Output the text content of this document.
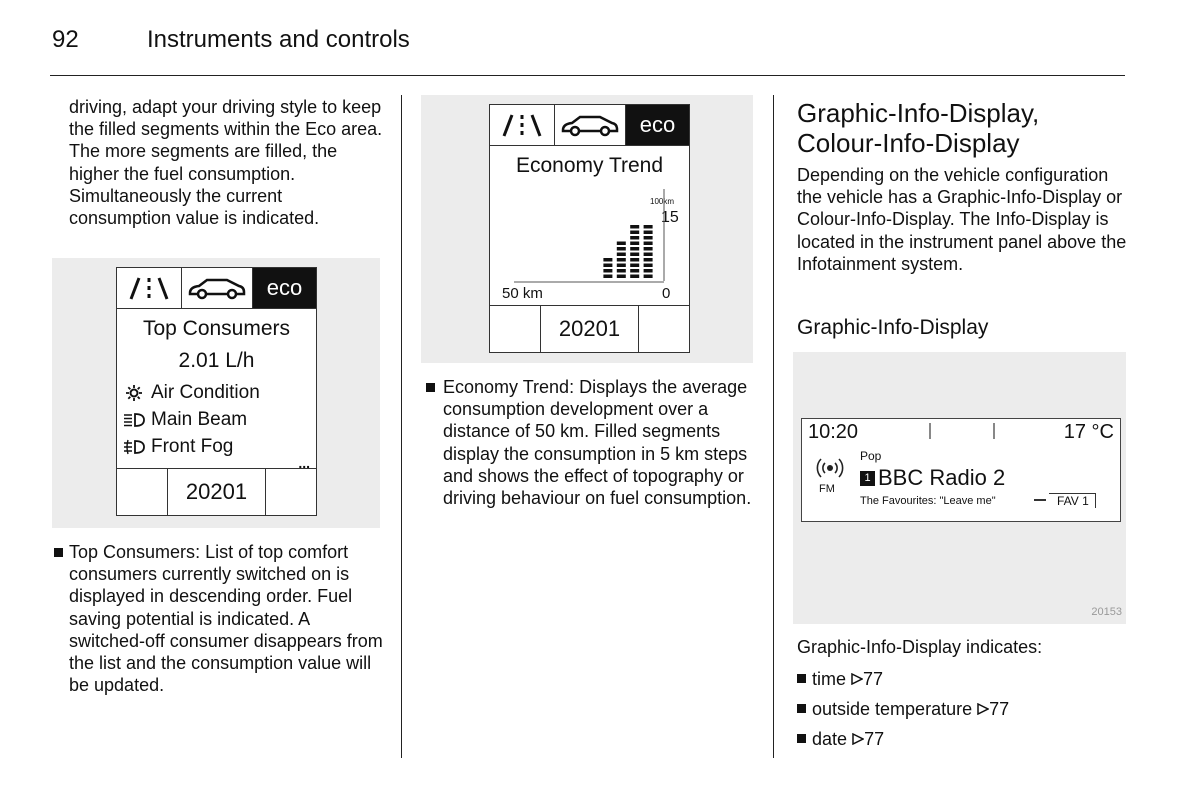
92	Instruments and controls
driving, adapt your driving style to keep the filled segments within the Eco area. The more segments are filled, the higher the fuel consumption. Simultaneously the current consumption value is indicated.
eco
Top Consumers
2.01 L/h
Air Condition
Main Beam
Front Fog
...
20201
Top Consumers: List of top comfort consumers currently switched on is displayed in descending order. Fuel saving potential is indicated. A switched-off consumer disappears from the list and the consumption value will be updated.
eco
Economy Trend
100km
15
50 km	0
20201
Economy Trend: Displays the average consumption development over a distance of 50 km. Filled segments display the consumption in 5 km steps and shows the effect of topography or driving behaviour on fuel consumption.
Graphic-Info-Display, Colour-Info-Display
Depending on the vehicle configuration the vehicle has a Graphic-Info-Display or Colour-Info-Display. The Info-Display is located in the instrument panel above the Infotainment system.
Graphic-Info-Display
10:20	17 °C
FM
Pop
1 BBC Radio 2
The Favourites: "Leave me"	FAV 1
20153
Graphic-Info-Display indicates:
time 77
outside temperature 77
date 77
